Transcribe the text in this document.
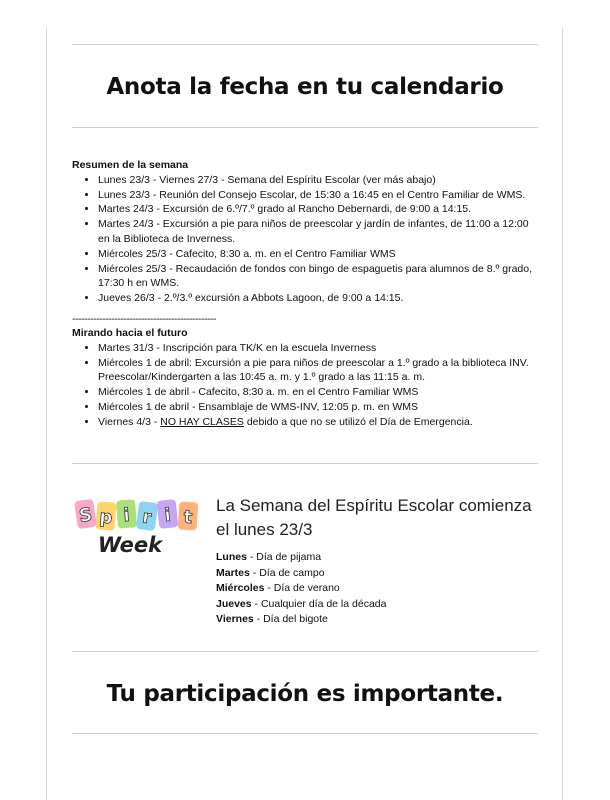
Anota la fecha en tu calendario
Resumen de la semana
• Lunes 23/3 - Viernes 27/3 - Semana del Espíritu Escolar (ver más abajo)
• Lunes 23/3 - Reunión del Consejo Escolar, de 15:30 a 16:45 en el Centro Familiar de WMS.
• Martes 24/3 - Excursión de 6.º/7.º grado al Rancho Debernardi, de 9:00 a 14:15.
• Martes 24/3 - Excursión a pie para niños de preescolar y jardín de infantes, de 11:00 a 12:00 en la Biblioteca de Inverness.
• Miércoles 25/3 - Cafecito, 8:30 a. m. en el Centro Familiar WMS
• Miércoles 25/3 - Recaudación de fondos con bingo de espaguetis para alumnos de 8.º grado, 17:30 h en WMS.
• Jueves 26/3 - 2.º/3.º excursión a Abbots Lagoon, de 9:00 a 14:15.
------------------------------------------------
Mirando hacia el futuro
• Martes 31/3 - Inscripción para TK/K en la escuela Inverness
• Miércoles 1 de abril: Excursión a pie para niños de preescolar a 1.º grado a la biblioteca INV. Preescolar/Kindergarten a las 10:45 a. m. y 1.º grado a las 11:15 a. m.
• Miércoles 1 de abril - Cafecito, 8:30 a. m. en el Centro Familiar WMS
• Miércoles 1 de abril - Ensamblaje de WMS-INV, 12:05 p. m. en WMS
• Viernes 4/3 - NO HAY CLASES debido a que no se utilizó el Día de Emergencia.
S p i r i t
Week
La Semana del Espíritu Escolar comienza el lunes 23/3
Lunes - Día de pijama
Martes - Día de campo
Miércoles - Día de verano
Jueves - Cualquier día de la década
Viernes - Día del bigote
Tu participación es importante.
